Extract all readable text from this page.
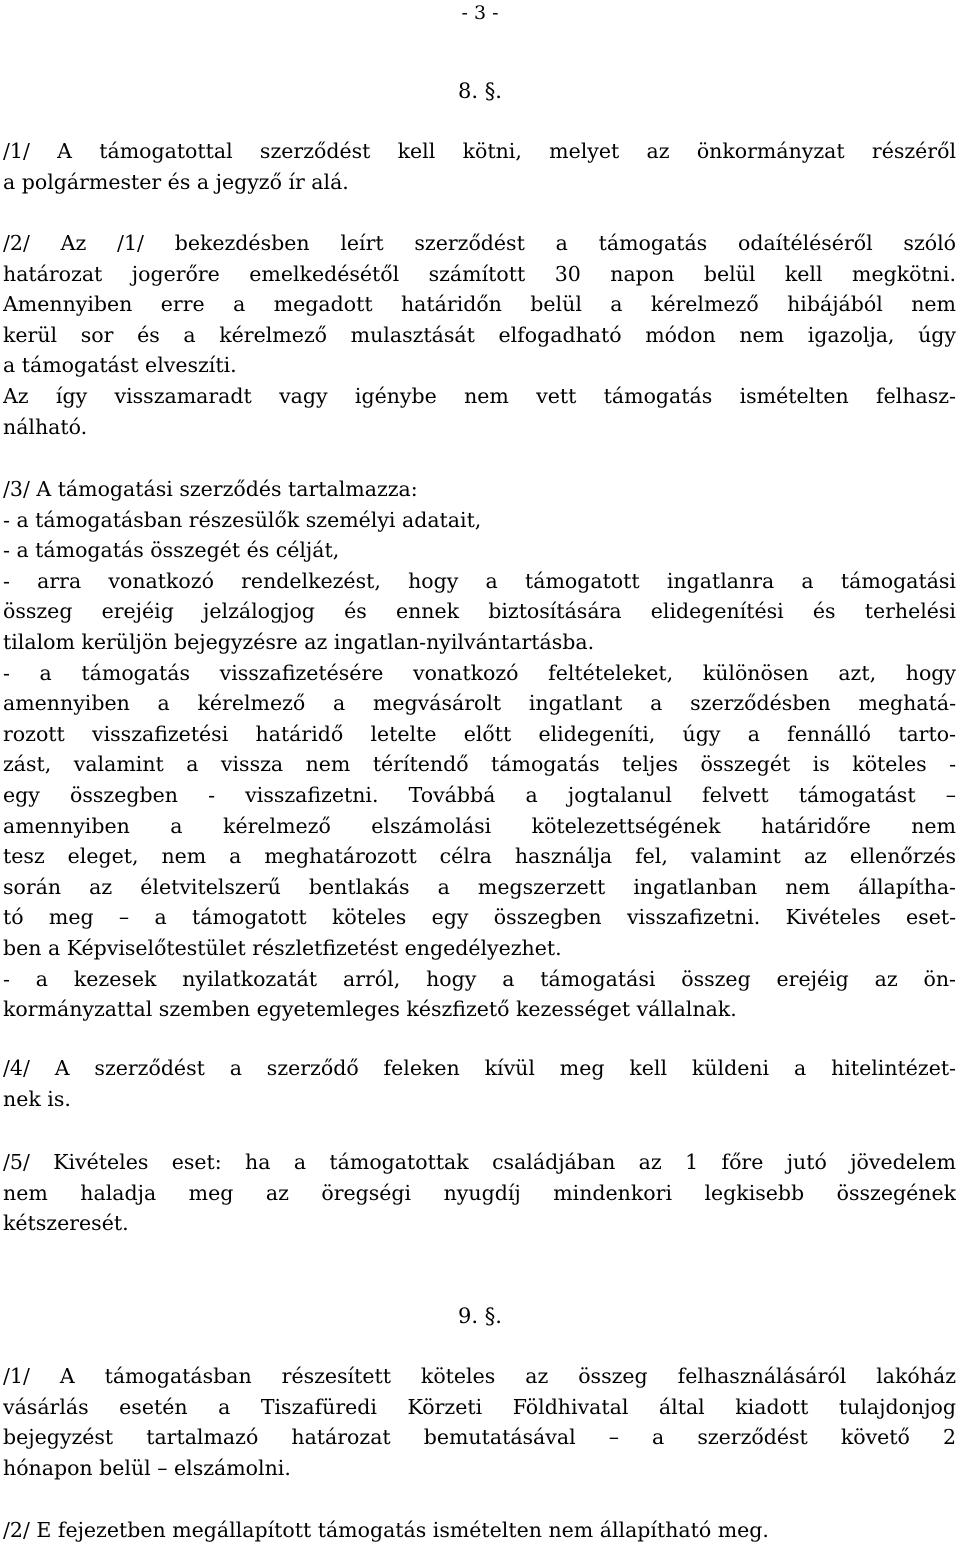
- 3 -
8. §.
/1/ A támogatottal szerződést kell kötni, melyet az önkormányzat részéről
a polgármester és a jegyző ír alá.
/2/ Az /1/ bekezdésben leírt szerződést a támogatás odaítéléséről szóló
határozat jogerőre emelkedésétől számított 30 napon belül kell megkötni.
Amennyiben erre a megadott határidőn belül a kérelmező hibájából nem
kerül sor és a kérelmező mulasztását elfogadható módon nem igazolja, úgy
a támogatást elveszíti.
Az így visszamaradt vagy igénybe nem vett támogatás ismételten felhasz-
nálható.
/3/ A támogatási szerződés tartalmazza:
- a támogatásban részesülők személyi adatait,
- a támogatás összegét és célját,
- arra vonatkozó rendelkezést, hogy a támogatott ingatlanra a támogatási
összeg erejéig jelzálogjog és ennek biztosítására elidegenítési és terhelési
tilalom kerüljön bejegyzésre az ingatlan-nyilvántartásba.
- a támogatás visszafizetésére vonatkozó feltételeket, különösen azt, hogy
amennyiben a kérelmező a megvásárolt ingatlant a szerződésben meghatá-
rozott visszafizetési határidő letelte előtt elidegeníti, úgy a fennálló tarto-
zást, valamint a vissza nem térítendő támogatás teljes összegét is köteles -
egy összegben - visszafizetni. Továbbá a jogtalanul felvett támogatást –
amennyiben a kérelmező elszámolási kötelezettségének határidőre nem
tesz eleget, nem a meghatározott célra használja fel, valamint az ellenőrzés
során az életvitelszerű bentlakás a megszerzett ingatlanban nem állapítha-
tó meg – a támogatott köteles egy összegben visszafizetni. Kivételes eset-
ben a Képviselőtestület részletfizetést engedélyezhet.
- a kezesek nyilatkozatát arról, hogy a támogatási összeg erejéig az ön-
kormányzattal szemben egyetemleges készfizető kezességet vállalnak.
/4/ A szerződést a szerződő feleken kívül meg kell küldeni a hitelintézet-
nek is.
/5/ Kivételes eset: ha a támogatottak családjában az 1 főre jutó jövedelem
nem haladja meg az öregségi nyugdíj mindenkori legkisebb összegének
kétszeresét.
9. §.
/1/ A támogatásban részesített köteles az összeg felhasználásáról lakóház
vásárlás esetén a Tiszafüredi Körzeti Földhivatal által kiadott tulajdonjog
bejegyzést tartalmazó határozat bemutatásával – a szerződést követő 2
hónapon belül – elszámolni.
/2/ E fejezetben megállapított támogatás ismételten nem állapítható meg.
